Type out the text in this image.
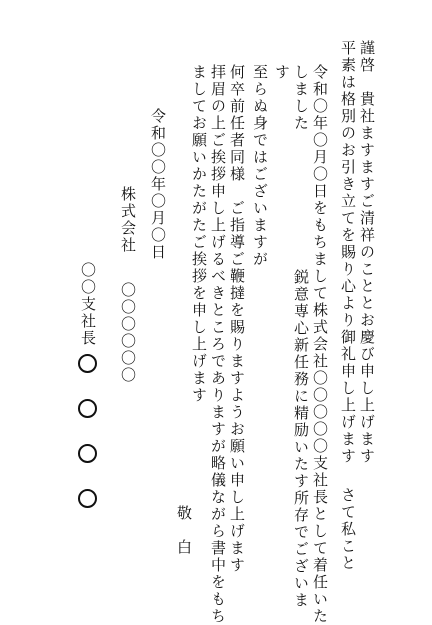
謹啓　貴社ますますご清祥のこととお慶び申し上げます
平素は格別のお引き立てを賜り心より御礼申し上げます
　さて私こと
令和〇年〇月〇日をもちまして株式会社〇〇〇〇〇支社長として着任いた
しました
　鋭意専心新任務に精励いたす所存でございま
す
至らぬ身ではございますが
何卒前任者同様　ご指導ご鞭撻を賜りますようお願い申し上げます
拝眉の上ご挨拶申し上げるべきところでありますが略儀ながら書中をもち
ましてお願いかたがたご挨拶を申し上げます
敬　白
令和〇〇年〇月〇日
株式会社
〇〇〇〇〇〇
〇〇支社長
